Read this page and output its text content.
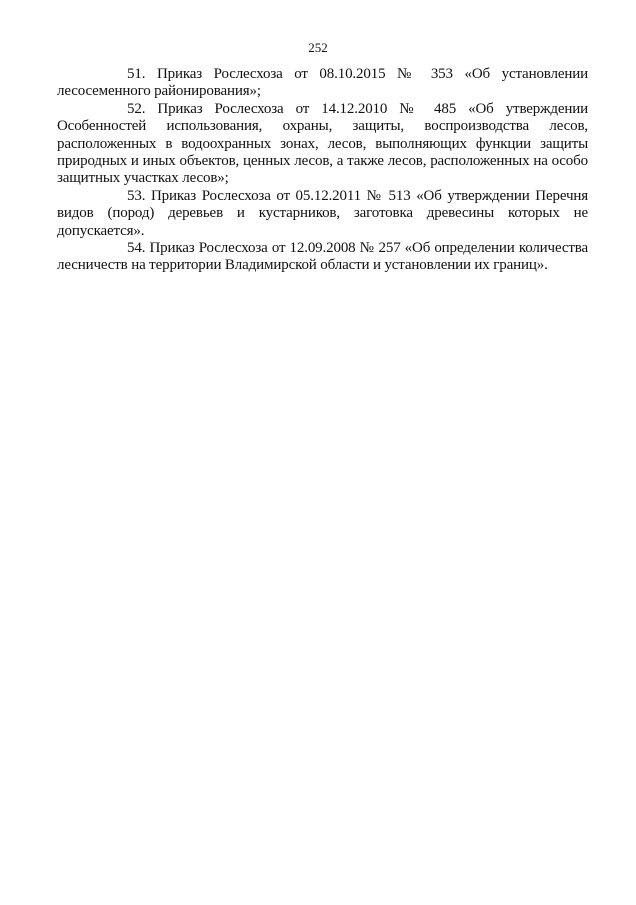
252

51. Приказ Рослесхоза от 08.10.2015 № 353 «Об установлении лесосеменного районирования»;

52. Приказ Рослесхоза от 14.12.2010 № 485 «Об утверждении Особенностей использования, охраны, защиты, воспроизводства лесов, расположенных в водоохранных зонах, лесов, выполняющих функции защиты природных и иных объектов, ценных лесов, а также лесов, расположенных на особо защитных участках лесов»;

53. Приказ Рослесхоза от 05.12.2011 № 513 «Об утверждении Перечня видов (пород) деревьев и кустарников, заготовка древесины которых не допускается».

54. Приказ Рослесхоза от 12.09.2008 № 257 «Об определении количества лесничеств на территории Владимирской области и установлении их границ».
